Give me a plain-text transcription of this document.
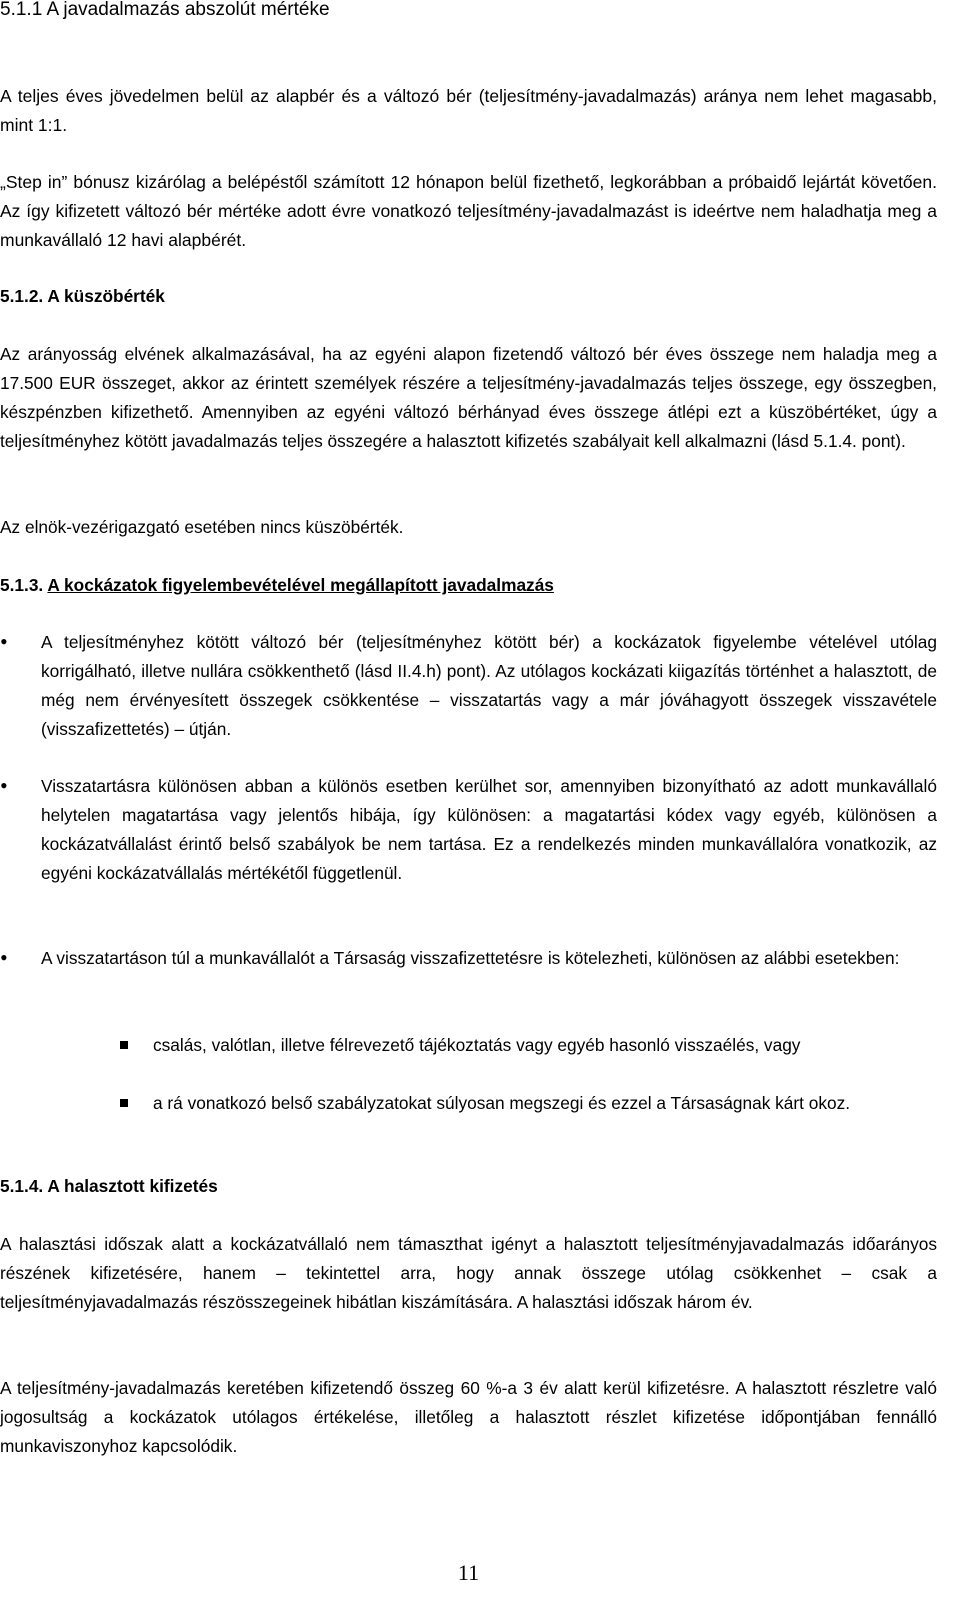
5.1.1 A javadalmazás abszolút mértéke

A teljes éves jövedelmen belül az alapbér és a változó bér (teljesítmény-javadalmazás) aránya nem lehet magasabb, mint 1:1.

„Step in” bónusz kizárólag a belépéstől számított 12 hónapon belül fizethető, legkorábban a próbaidő lejártát követően. Az így kifizetett változó bér mértéke adott évre vonatkozó teljesítmény-javadalmazást is ideértve nem haladhatja meg a munkavállaló 12 havi alapbérét.

5.1.2. A küszöbérték

Az arányosság elvének alkalmazásával, ha az egyéni alapon fizetendő változó bér éves összege nem haladja meg a 17.500 EUR összeget, akkor az érintett személyek részére a teljesítmény-javadalmazás teljes összege, egy összegben, készpénzben kifizethető. Amennyiben az egyéni változó bérhányad éves összege átlépi ezt a küszöbértéket, úgy a teljesítményhez kötött javadalmazás teljes összegére a halasztott kifizetés szabályait kell alkalmazni (lásd 5.1.4. pont).

Az elnök-vezérigazgató esetében nincs küszöbérték.

5.1.3. A kockázatok figyelembevételével megállapított javadalmazás

• A teljesítményhez kötött változó bér (teljesítményhez kötött bér) a kockázatok figyelembe vételével utólag korrigálható, illetve nullára csökkenthető (lásd II.4.h) pont). Az utólagos kockázati kiigazítás történhet a halasztott, de még nem érvényesített összegek csökkentése – visszatartás vagy a már jóváhagyott összegek visszavétele (visszafizettetés) – útján.

• Visszatartásra különösen abban a különös esetben kerülhet sor, amennyiben bizonyítható az adott munkavállaló helytelen magatartása vagy jelentős hibája, így különösen: a magatartási kódex vagy egyéb, különösen a kockázatvállalást érintő belső szabályok be nem tartása. Ez a rendelkezés minden munkavállalóra vonatkozik, az egyéni kockázatvállalás mértékétől függetlenül.

• A visszatartáson túl a munkavállalót a Társaság visszafizettetésre is kötelezheti, különösen az alábbi esetekben:

csalás, valótlan, illetve félrevezető tájékoztatás vagy egyéb hasonló visszaélés, vagy

a rá vonatkozó belső szabályzatokat súlyosan megszegi és ezzel a Társaságnak kárt okoz.

5.1.4. A halasztott kifizetés

A halasztási időszak alatt a kockázatvállaló nem támaszthat igényt a halasztott teljesítményjavadalmazás időarányos részének kifizetésére, hanem – tekintettel arra, hogy annak összege utólag csökkenhet – csak a teljesítményjavadalmazás részösszegeinek hibátlan kiszámítására. A halasztási időszak három év.

A teljesítmény-javadalmazás keretében kifizetendő összeg 60 %-a 3 év alatt kerül kifizetésre. A halasztott részletre való jogosultság a kockázatok utólagos értékelése, illetőleg a halasztott részlet kifizetése időpontjában fennálló munkaviszonyhoz kapcsolódik.

11
